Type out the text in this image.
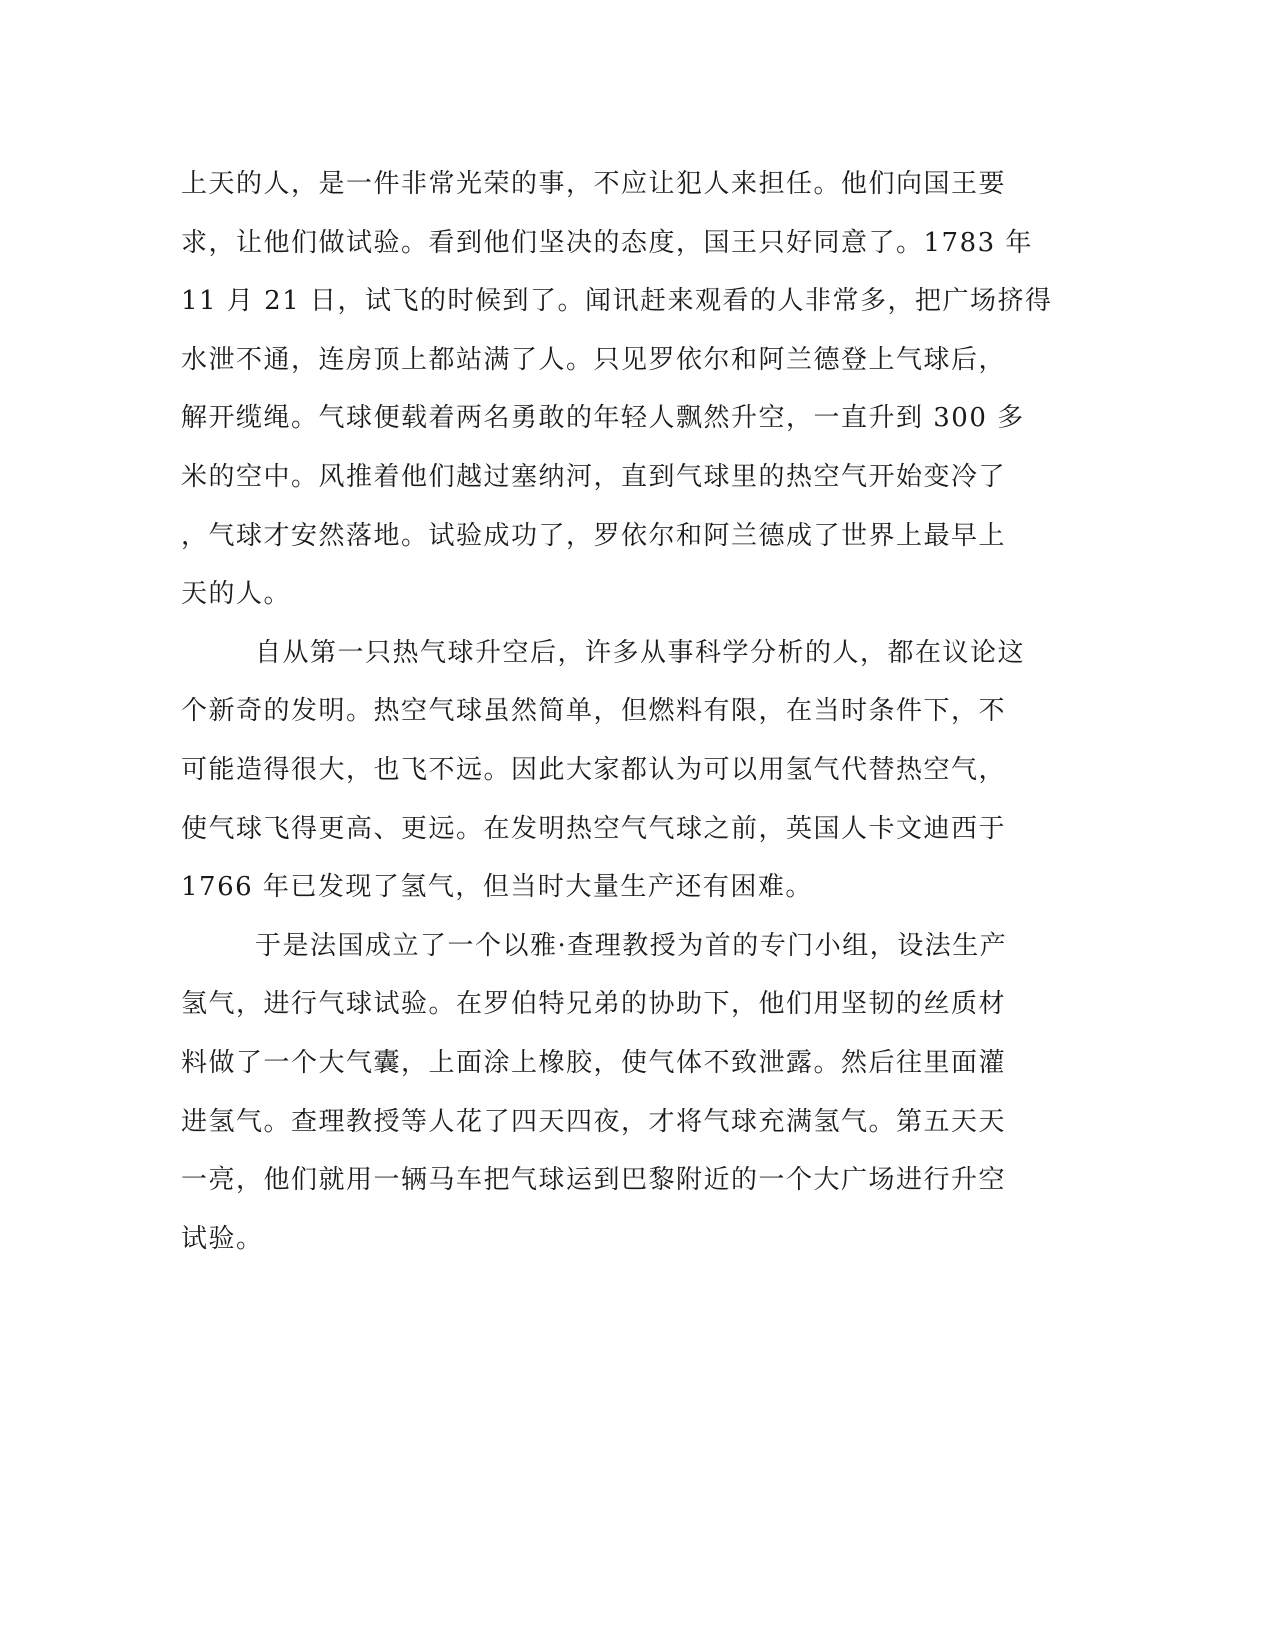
上天的人，是一件非常光荣的事，不应让犯人来担任。他们向国王要
求，让他们做试验。看到他们坚决的态度，国王只好同意了。1783 年
11 月 21 日，试飞的时候到了。闻讯赶来观看的人非常多，把广场挤得
水泄不通，连房顶上都站满了人。只见罗依尔和阿兰德登上气球后，
解开缆绳。气球便载着两名勇敢的年轻人飘然升空，一直升到 300 多
米的空中。风推着他们越过塞纳河，直到气球里的热空气开始变冷了
，气球才安然落地。试验成功了，罗依尔和阿兰德成了世界上最早上
天的人。
自从第一只热气球升空后，许多从事科学分析的人，都在议论这
个新奇的发明。热空气球虽然简单，但燃料有限，在当时条件下，不
可能造得很大，也飞不远。因此大家都认为可以用氢气代替热空气，
使气球飞得更高、更远。在发明热空气气球之前，英国人卡文迪西于
1766 年已发现了氢气，但当时大量生产还有困难。
于是法国成立了一个以雅·查理教授为首的专门小组，设法生产
氢气，进行气球试验。在罗伯特兄弟的协助下，他们用坚韧的丝质材
料做了一个大气囊，上面涂上橡胶，使气体不致泄露。然后往里面灌
进氢气。查理教授等人花了四天四夜，才将气球充满氢气。第五天天
一亮，他们就用一辆马车把气球运到巴黎附近的一个大广场进行升空
试验。
